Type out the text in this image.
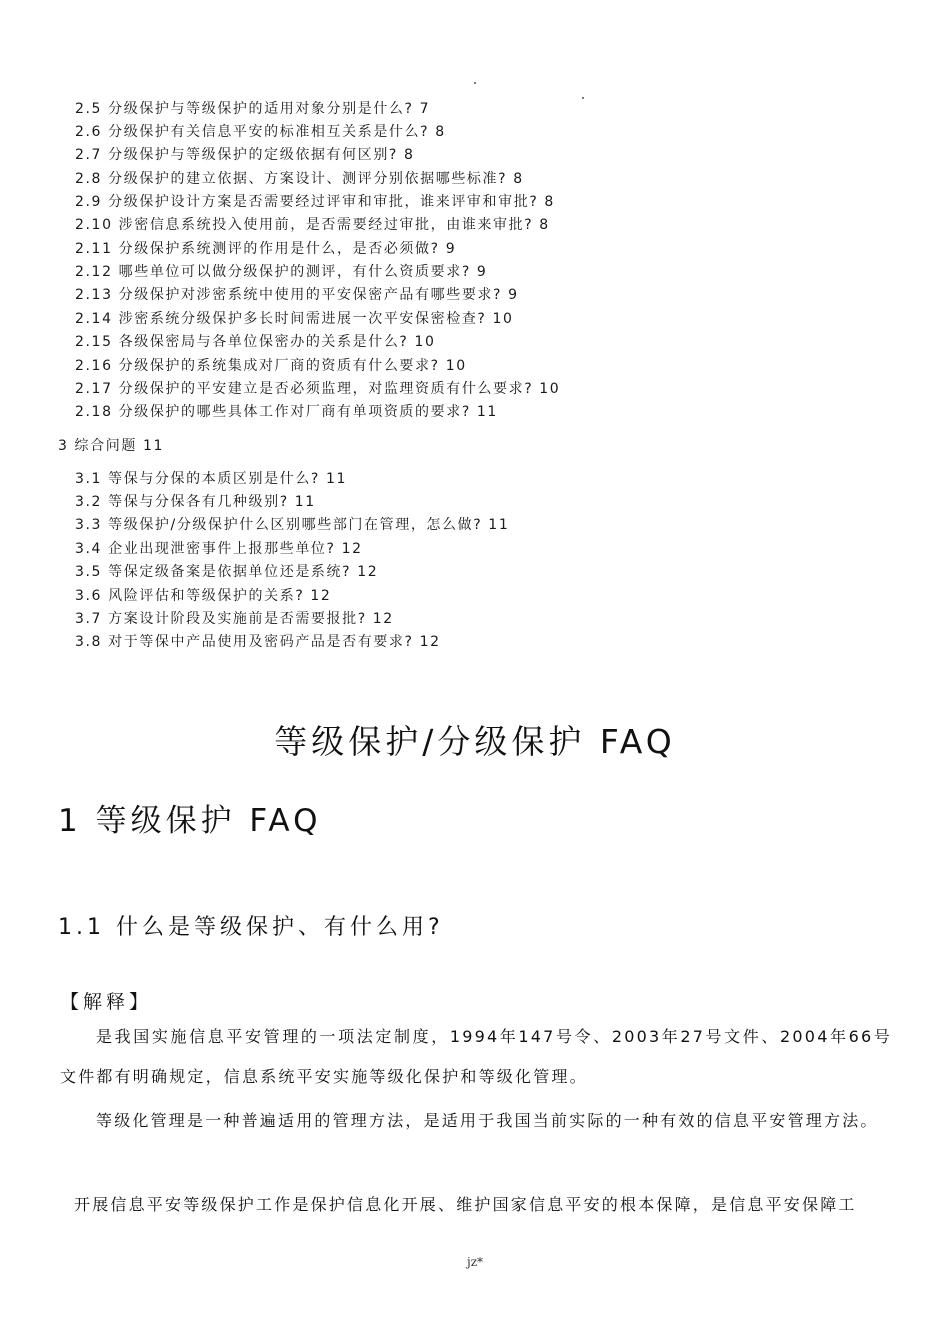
2.5 分级保护与等级保护的适用对象分别是什么? 7
2.6 分级保护有关信息平安的标准相互关系是什么? 8
2.7 分级保护与等级保护的定级依据有何区别? 8
2.8 分级保护的建立依据、方案设计、测评分别依据哪些标准? 8
2.9 分级保护设计方案是否需要经过评审和审批，谁来评审和审批? 8
2.10 涉密信息系统投入使用前，是否需要经过审批，由谁来审批? 8
2.11 分级保护系统测评的作用是什么，是否必须做? 9
2.12 哪些单位可以做分级保护的测评，有什么资质要求? 9
2.13 分级保护对涉密系统中使用的平安保密产品有哪些要求? 9
2.14 涉密系统分级保护多长时间需进展一次平安保密检查? 10
2.15 各级保密局与各单位保密办的关系是什么? 10
2.16 分级保护的系统集成对厂商的资质有什么要求? 10
2.17 分级保护的平安建立是否必须监理，对监理资质有什么要求? 10
2.18 分级保护的哪些具体工作对厂商有单项资质的要求? 11
3 综合问题 11
3.1 等保与分保的本质区别是什么? 11
3.2 等保与分保各有几种级别? 11
3.3 等级保护/分级保护什么区别哪些部门在管理，怎么做? 11
3.4 企业出现泄密事件上报那些单位? 12
3.5 等保定级备案是依据单位还是系统? 12
3.6 风险评估和等级保护的关系? 12
3.7 方案设计阶段及实施前是否需要报批? 12
3.8 对于等保中产品使用及密码产品是否有要求? 12
等级保护/分级保护 FAQ
1 等级保护 FAQ
1.1 什么是等级保护、有什么用?
【解释】

是我国实施信息平安管理的一项法定制度，1994年147号令、2003年27号文件、2004年66号文件都有明确规定，信息系统平安实施等级化保护和等级化管理。

等级化管理是一种普遍适用的管理方法，是适用于我国当前实际的一种有效的信息平安管理方法。

开展信息平安等级保护工作是保护信息化开展、维护国家信息平安的根本保障，是信息平安保障工

jz*
